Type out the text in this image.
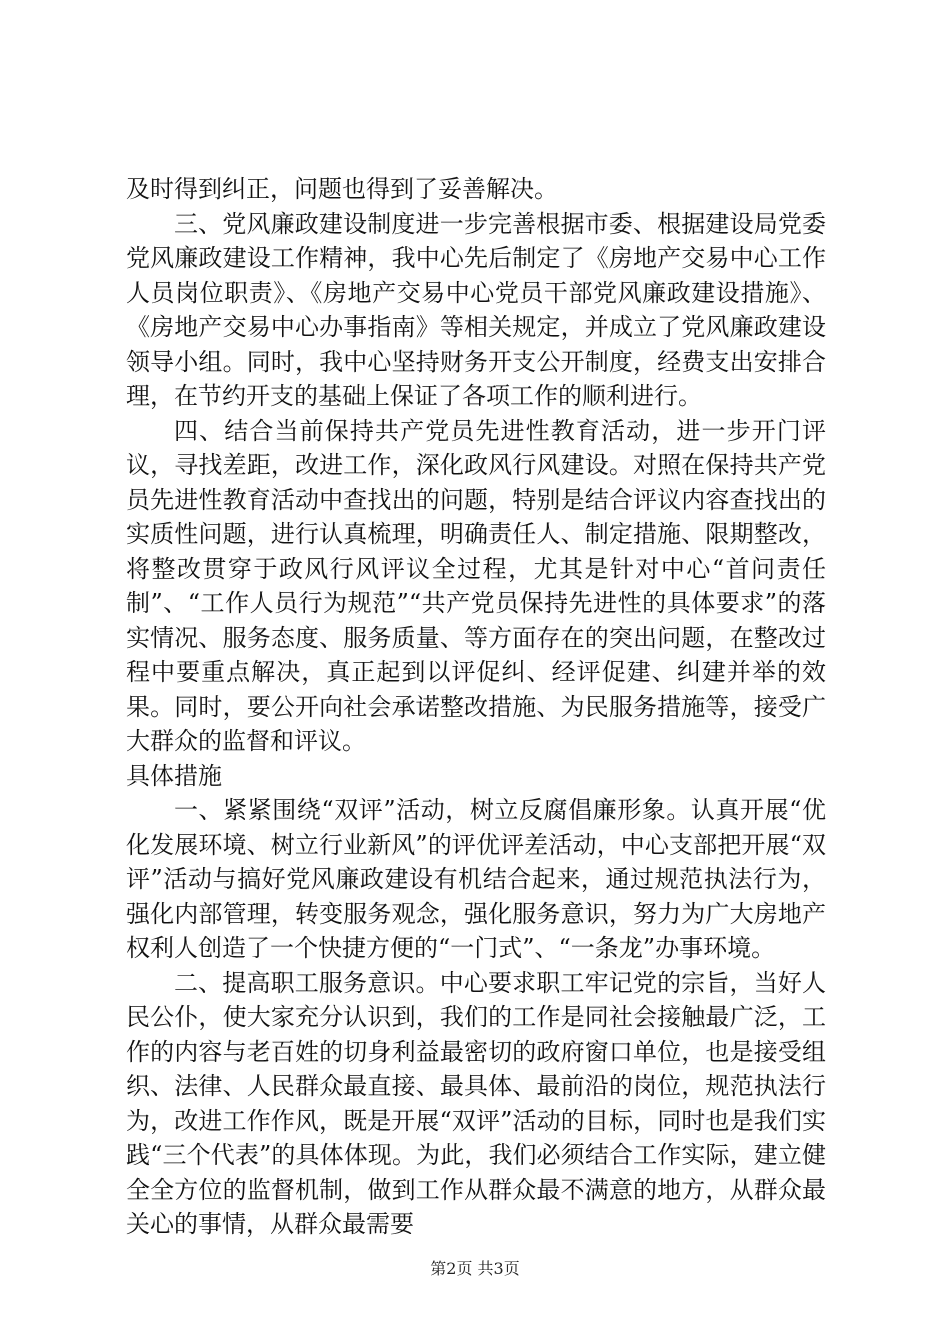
及时得到纠正，问题也得到了妥善解决。

三、党风廉政建设制度进一步完善根据市委、根据建设局党委党风廉政建设工作精神，我中心先后制定了《房地产交易中心工作人员岗位职责》、《房地产交易中心党员干部党风廉政建设措施》、《房地产交易中心办事指南》等相关规定，并成立了党风廉政建设领导小组。同时，我中心坚持财务开支公开制度，经费支出安排合理，在节约开支的基础上保证了各项工作的顺利进行。

四、结合当前保持共产党员先进性教育活动，进一步开门评议，寻找差距，改进工作，深化政风行风建设。对照在保持共产党员先进性教育活动中查找出的问题，特别是结合评议内容查找出的实质性问题，进行认真梳理，明确责任人、制定措施、限期整改，将整改贯穿于政风行风评议全过程，尤其是针对中心“首问责任制”、“工作人员行为规范”“共产党员保持先进性的具体要求”的落实情况、服务态度、服务质量、等方面存在的突出问题，在整改过程中要重点解决，真正起到以评促纠、经评促建、纠建并举的效果。同时，要公开向社会承诺整改措施、为民服务措施等，接受广大群众的监督和评议。

具体措施

一、紧紧围绕“双评”活动，树立反腐倡廉形象。认真开展“优化发展环境、树立行业新风”的评优评差活动，中心支部把开展“双评”活动与搞好党风廉政建设有机结合起来，通过规范执法行为，强化内部管理，转变服务观念，强化服务意识，努力为广大房地产权利人创造了一个快捷方便的“一门式”、“一条龙”办事环境。

二、提高职工服务意识。中心要求职工牢记党的宗旨，当好人民公仆，使大家充分认识到，我们的工作是同社会接触最广泛，工作的内容与老百姓的切身利益最密切的政府窗口单位，也是接受组织、法律、人民群众最直接、最具体、最前沿的岗位，规范执法行为，改进工作作风，既是开展“双评”活动的目标，同时也是我们实践“三个代表”的具体体现。为此，我们必须结合工作实际，建立健全全方位的监督机制，做到工作从群众最不满意的地方，从群众最关心的事情，从群众最需要

第2页 共3页
